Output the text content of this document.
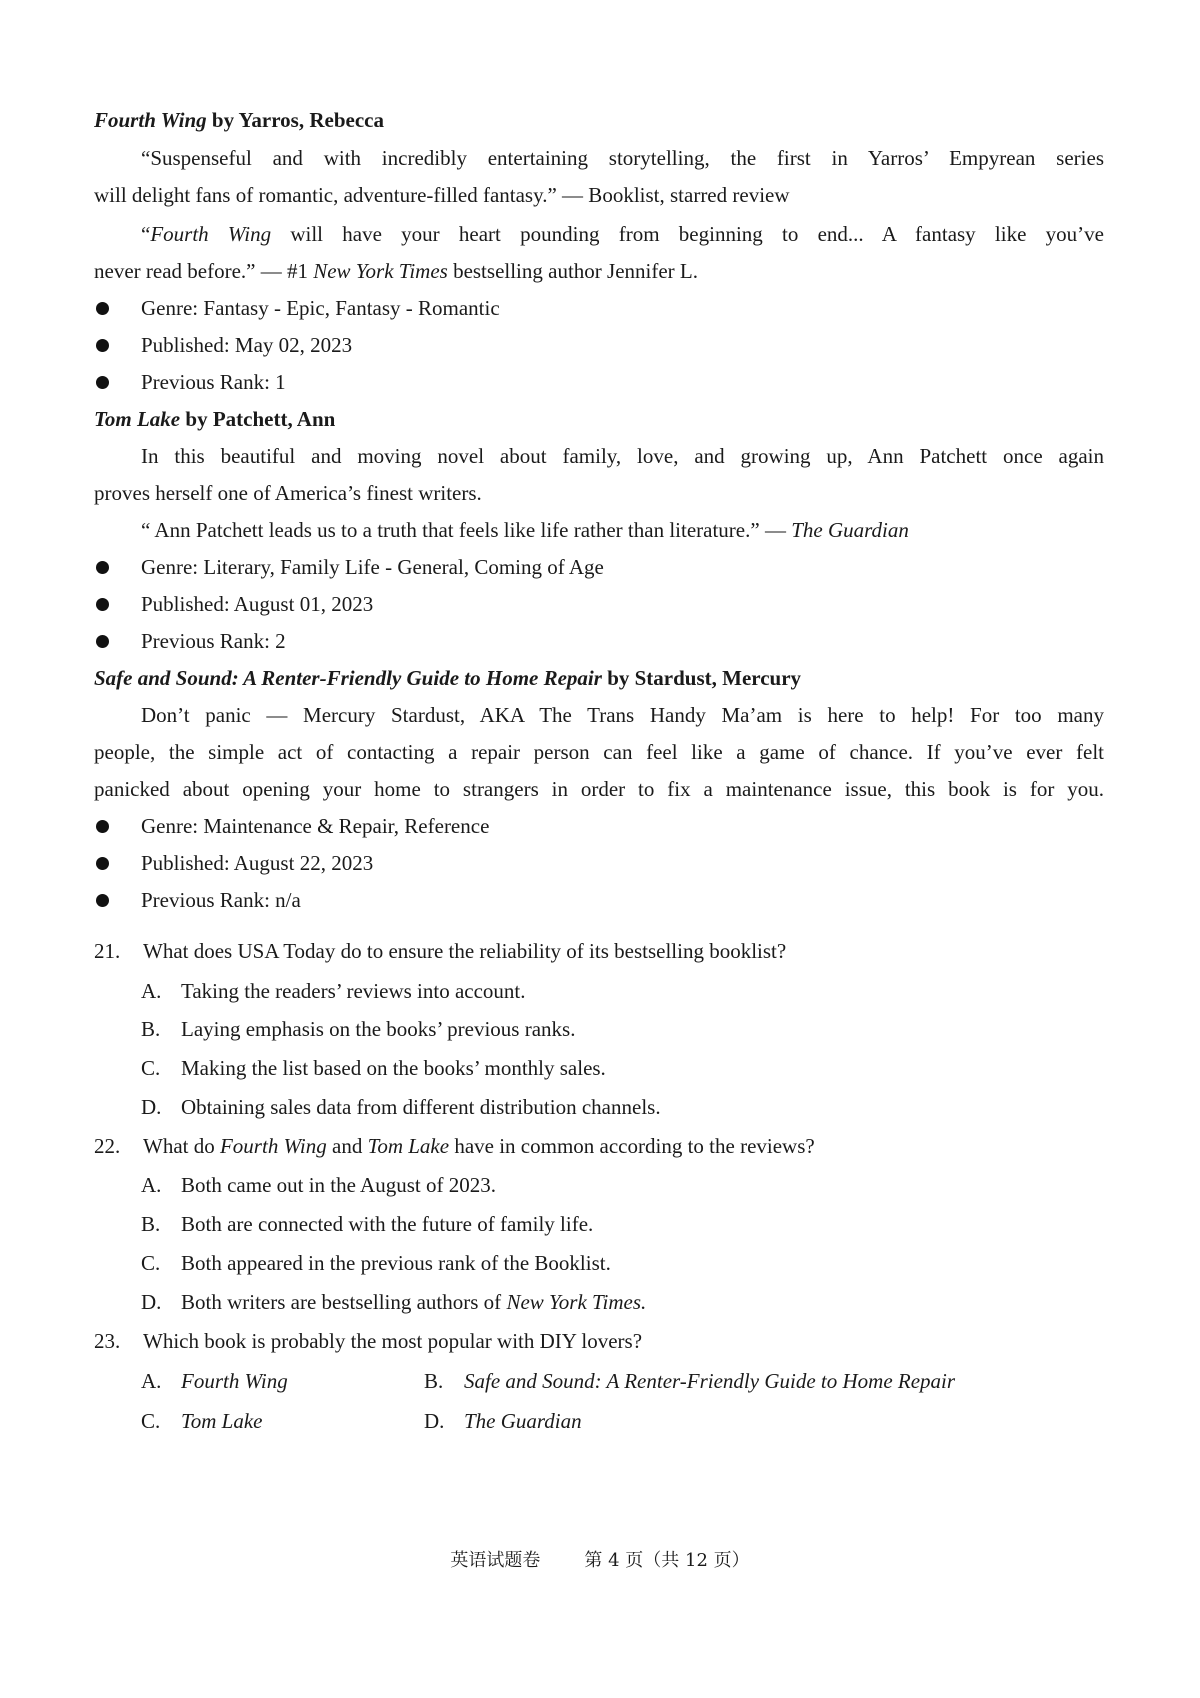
Fourth Wing by Yarros, Rebecca
“Suspenseful and with incredibly entertaining storytelling, the first in Yarros’ Empyrean series
will delight fans of romantic, adventure-filled fantasy.” — Booklist, starred review
“Fourth Wing will have your heart pounding from beginning to end... A fantasy like you’ve
never read before.” — #1 New York Times bestselling author Jennifer L.
Genre: Fantasy - Epic, Fantasy - Romantic
Published: May 02, 2023
Previous Rank: 1
Tom Lake by Patchett, Ann
In this beautiful and moving novel about family, love, and growing up, Ann Patchett once again
proves herself one of America’s finest writers.
“ Ann Patchett leads us to a truth that feels like life rather than literature.” — The Guardian
Genre: Literary, Family Life - General, Coming of Age
Published: August 01, 2023
Previous Rank: 2
Safe and Sound: A Renter-Friendly Guide to Home Repair by Stardust, Mercury
Don’t panic — Mercury Stardust, AKA The Trans Handy Ma’am is here to help! For too many
people, the simple act of contacting a repair person can feel like a game of chance. If you’ve ever felt
panicked about opening your home to strangers in order to fix a maintenance issue, this book is for you.
Genre: Maintenance & Repair, Reference
Published: August 22, 2023
Previous Rank: n/a
21. What does USA Today do to ensure the reliability of its bestselling booklist?
A. Taking the readers’ reviews into account.
B. Laying emphasis on the books’ previous ranks.
C. Making the list based on the books’ monthly sales.
D. Obtaining sales data from different distribution channels.
22. What do Fourth Wing and Tom Lake have in common according to the reviews?
A. Both came out in the August of 2023.
B. Both are connected with the future of family life.
C. Both appeared in the previous rank of the Booklist.
D. Both writers are bestselling authors of New York Times.
23. Which book is probably the most popular with DIY lovers?
A. Fourth Wing	B. Safe and Sound: A Renter-Friendly Guide to Home Repair
C. Tom Lake	D. The Guardian
英语试题卷 第 4 页（共 12 页）
